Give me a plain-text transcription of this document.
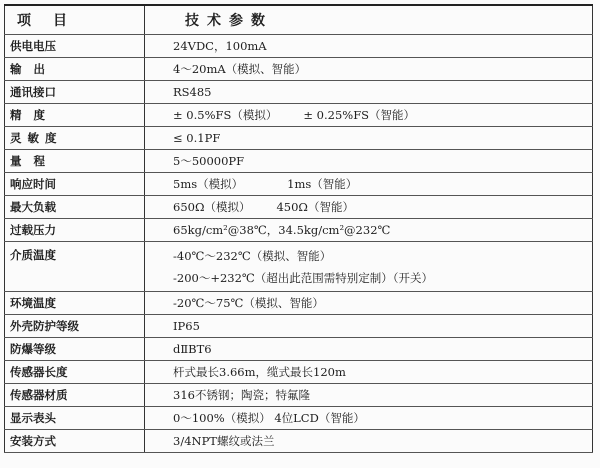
项目	技术参数
供电电压	24VDC，100mA
输出	4～20mA（模拟、智能）
通讯接口	RS485
精度	± 0.5%FS（模拟） ± 0.25%FS（智能）
灵敏度	≤ 0.1PF
量程	5～50000PF
响应时间	5ms（模拟） 1ms（智能）
最大负载	650Ω（模拟） 450Ω（智能）
过载压力	65kg/cm²@38℃，34.5kg/cm²@232℃
介质温度	-40℃～232℃（模拟、智能）
-200～+232℃（超出此范围需特别定制）（开关）

环境温度	-20℃～75℃（模拟、智能）
外壳防护等级	IP65
防爆等级	dⅡBT6
传感器长度	杆式最长3.66m，缆式最长120m
传感器材质	316不锈钢；陶瓷；特氟隆
显示表头	0～100%（模拟） 4位LCD（智能）
安装方式	3/4NPT螺纹或法兰
